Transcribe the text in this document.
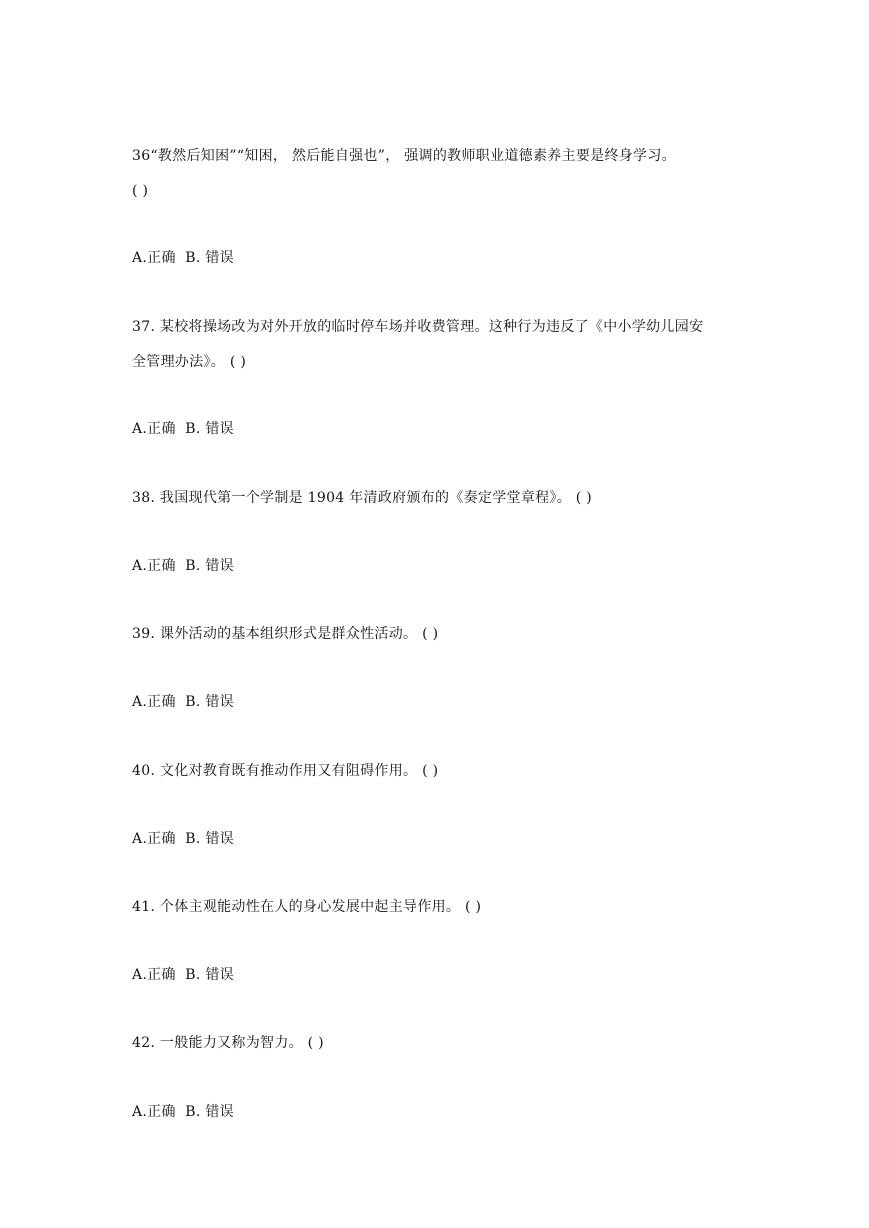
36“教然后知困”“知困， 然后能自强也”， 强调的教师职业道德素养主要是终身学习。
( )
A.正确  B. 错误
37. 某校将操场改为对外开放的临时停车场并收费管理。这种行为违反了《中小学幼儿园安
全管理办法》。 ( )
A.正确  B. 错误
38. 我国现代第一个学制是 1904 年清政府颁布的《奏定学堂章程》。 ( )
A.正确  B. 错误
39. 课外活动的基本组织形式是群众性活动。 ( )
A.正确  B. 错误
40. 文化对教育既有推动作用又有阻碍作用。 ( )
A.正确  B. 错误
41. 个体主观能动性在人的身心发展中起主导作用。 ( )
A.正确  B. 错误
42. 一般能力又称为智力。 ( )
A.正确  B. 错误
